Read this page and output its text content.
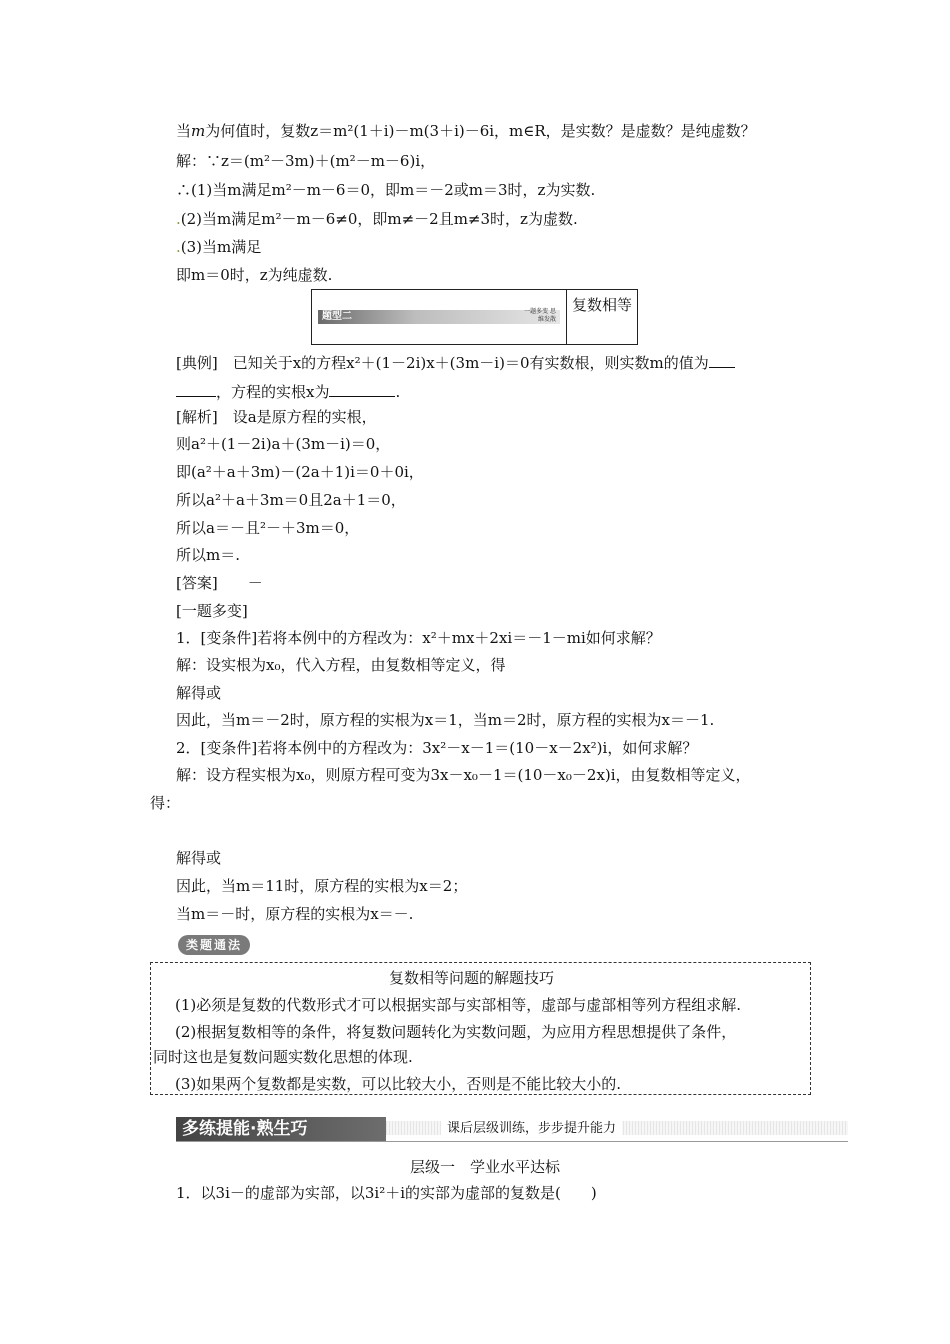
当m为何值时，复数z＝m²(1＋i)－m(3＋i)－6i，m∈R，是实数？是虚数？是纯虚数？
解：∵z＝(m²－3m)＋(m²－m－6)i，
∴(1)当m满足m²－m－6＝0，即m＝－2或m＝3时，z为实数.
.(2)当m满足m²－m－6≠0，即m≠－2且m≠3时，z为虚数.
.(3)当m满足
即m＝0时，z为纯虚数.
题型二	一题多变 思维发散
复数相等
[典例]　已知关于x的方程x²＋(1－2i)x＋(3m－i)＝0有实数根，则实数m的值为
，方程的实根x为	.
[解析]　设a是原方程的实根，
则a²＋(1－2i)a＋(3m－i)＝0，
即(a²＋a＋3m)－(2a＋1)i＝0＋0i，
所以a²＋a＋3m＝0且2a＋1＝0，
所以a＝－且²－＋3m＝0，
所以m＝.
[答案]　　－
[一题多变]
1．[变条件]若将本例中的方程改为：x²＋mx＋2xi＝－1－mi如何求解？
解：设实根为x₀，代入方程，由复数相等定义，得
解得或
因此，当m＝－2时，原方程的实根为x＝1，当m＝2时，原方程的实根为x＝－1.
2．[变条件]若将本例中的方程改为：3x²－x－1＝(10－x－2x²)i，如何求解？
解：设方程实根为x₀，则原方程可变为3x－x₀－1＝(10－x₀－2x)i，由复数相等定义，
得：
解得或
因此，当m＝11时，原方程的实根为x＝2；
当m＝－时，原方程的实根为x＝－.
类题通法
复数相等问题的解题技巧
(1)必须是复数的代数形式才可以根据实部与实部相等，虚部与虚部相等列方程组求解.
(2)根据复数相等的条件，将复数问题转化为实数问题，为应用方程思想提供了条件，
同时这也是复数问题实数化思想的体现.
(3)如果两个复数都是实数，可以比较大小，否则是不能比较大小的.
多练提能·熟生巧	课后层级训练，步步提升能力
层级一　学业水平达标
1．以3i－的虚部为实部，以3i²＋i的实部为虚部的复数是(　　)
